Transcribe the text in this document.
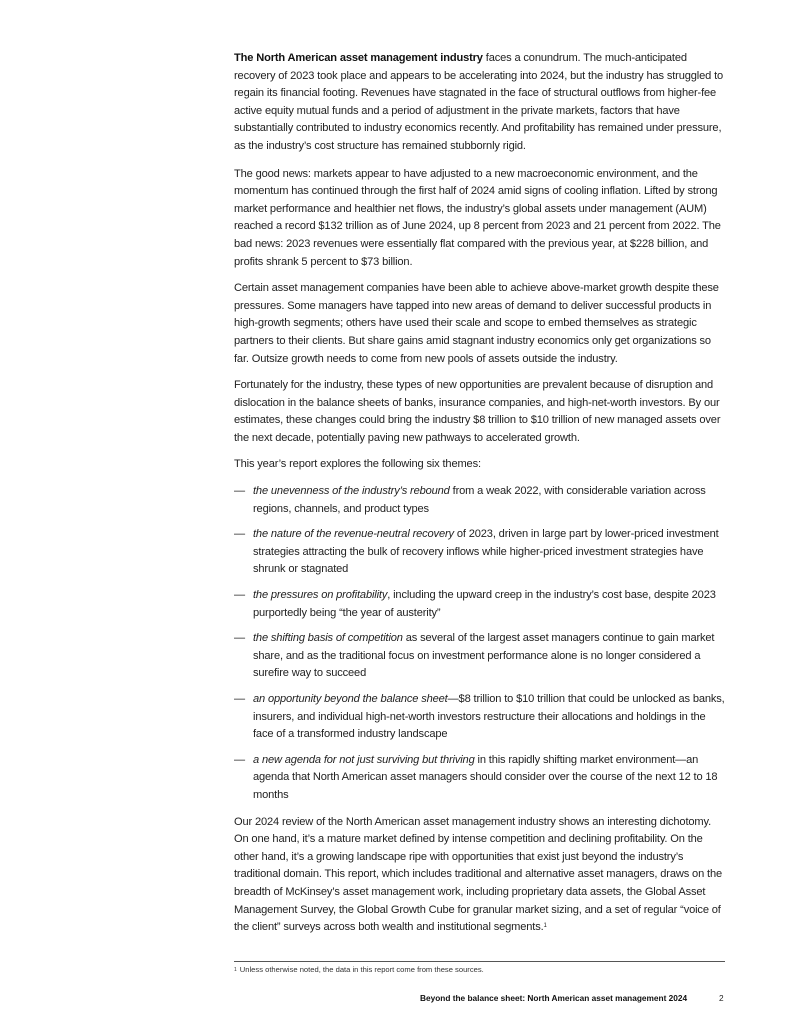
The North American asset management industry faces a conundrum. The much-anticipated recovery of 2023 took place and appears to be accelerating into 2024, but the industry has struggled to regain its financial footing. Revenues have stagnated in the face of structural outflows from higher-fee active equity mutual funds and a period of adjustment in the private markets, factors that have substantially contributed to industry economics recently. And profitability has remained under pressure, as the industry’s cost structure has remained stubbornly rigid.

The good news: markets appear to have adjusted to a new macroeconomic environment, and the momentum has continued through the first half of 2024 amid signs of cooling inflation. Lifted by strong market performance and healthier net flows, the industry’s global assets under management (AUM) reached a record $132 trillion as of June 2024, up 8 percent from 2023 and 21 percent from 2022. The bad news: 2023 revenues were essentially flat compared with the previous year, at $228 billion, and profits shrank 5 percent to $73 billion.

Certain asset management companies have been able to achieve above-market growth despite these pressures. Some managers have tapped into new areas of demand to deliver successful products in high-growth segments; others have used their scale and scope to embed themselves as strategic partners to their clients. But share gains amid stagnant industry economics only get organizations so far. Outsize growth needs to come from new pools of assets outside the industry.

Fortunately for the industry, these types of new opportunities are prevalent because of disruption and dislocation in the balance sheets of banks, insurance companies, and high-net-worth investors. By our estimates, these changes could bring the industry $8 trillion to $10 trillion of new managed assets over the next decade, potentially paving new pathways to accelerated growth.

This year’s report explores the following six themes:

— the unevenness of the industry’s rebound from a weak 2022, with considerable variation across regions, channels, and product types
— the nature of the revenue-neutral recovery of 2023, driven in large part by lower-priced investment strategies attracting the bulk of recovery inflows while higher-priced investment strategies have shrunk or stagnated
— the pressures on profitability, including the upward creep in the industry’s cost base, despite 2023 purportedly being “the year of austerity”
— the shifting basis of competition as several of the largest asset managers continue to gain market share, and as the traditional focus on investment performance alone is no longer considered a surefire way to succeed
— an opportunity beyond the balance sheet—$8 trillion to $10 trillion that could be unlocked as banks, insurers, and individual high-net-worth investors restructure their allocations and holdings in the face of a transformed industry landscape
— a new agenda for not just surviving but thriving in this rapidly shifting market environment—an agenda that North American asset managers should consider over the course of the next 12 to 18 months

Our 2024 review of the North American asset management industry shows an interesting dichotomy. On one hand, it’s a mature market defined by intense competition and declining profitability. On the other hand, it’s a growing landscape ripe with opportunities that exist just beyond the industry’s traditional domain. This report, which includes traditional and alternative asset managers, draws on the breadth of McKinsey’s asset management work, including proprietary data assets, the Global Asset Management Survey, the Global Growth Cube for granular market sizing, and a set of regular “voice of the client” surveys across both wealth and institutional segments.$^1$

$^1$ Unless otherwise noted, the data in this report come from these sources.
Beyond the balance sheet: North American asset management 2024	2
